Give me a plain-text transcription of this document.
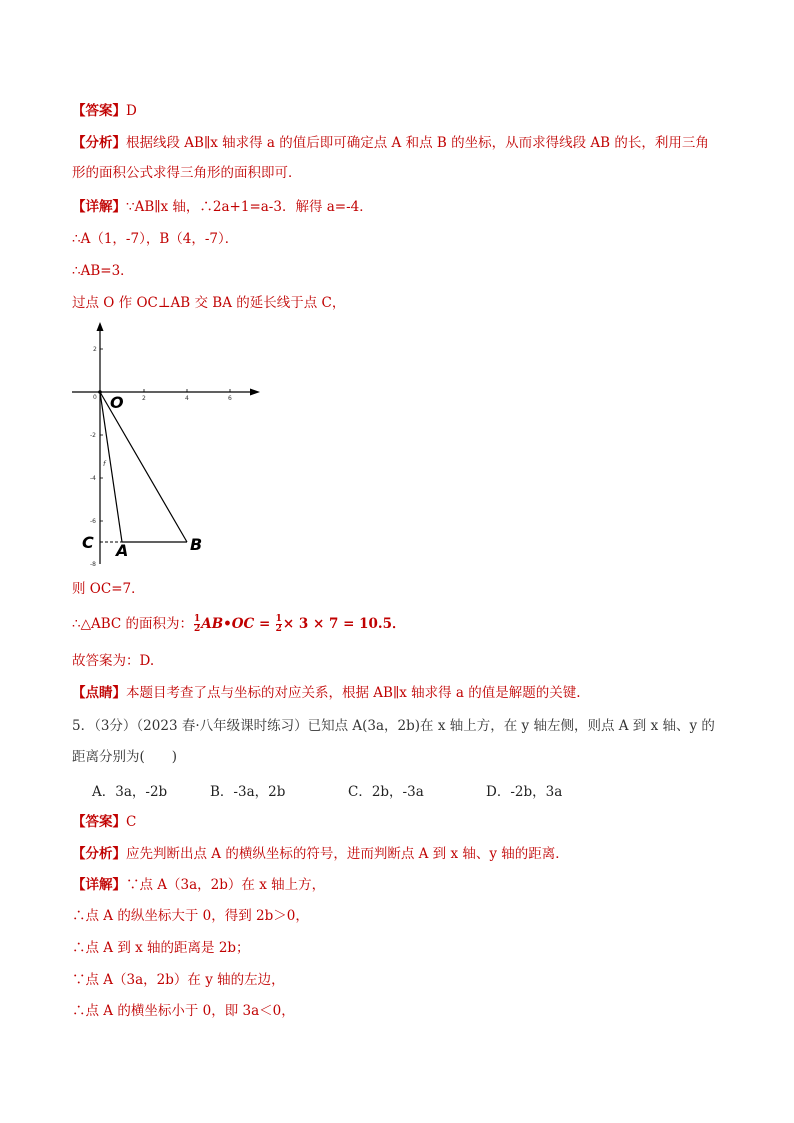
【答案】D
【分析】根据线段 AB∥x 轴求得 a 的值后即可确定点 A 和点 B 的坐标，从而求得线段 AB 的长，利用三角
形的面积公式求得三角形的面积即可．
【详解】∵AB∥x 轴，∴2a+1=a-3．解得 a=-4．
∴A（1，-7），B（4，-7）．
∴AB=3．
过点 O 作 OC⊥AB 交 BA 的延长线于点 C，
2
0	2	4	6
-2
-4
-6
-8
f
O
C A	B
则 OC=7．
∴△ABC 的面积为： $\frac{1}{2}$ AB•OC = $\frac{1}{2} \times 3 \times 7 = 10.5$．
故答案为：D.
【点睛】本题目考查了点与坐标的对应关系，根据 AB∥x 轴求得 a 的值是解题的关键.
5．（3分）（2023 春·八年级课时练习）已知点 A(3a，2b)在 x 轴上方，在 y 轴左侧，则点 A 到 x 轴、y 的
距离分别为(　　)
A．3a，-2b	B．-3a，2b	C．2b，-3a	D．-2b，3a
【答案】C
【分析】应先判断出点 A 的横纵坐标的符号，进而判断点 A 到 x 轴、y 轴的距离．
【详解】∵点 A（3a，2b）在 x 轴上方，
∴点 A 的纵坐标大于 0，得到 2b＞0，
∴点 A 到 x 轴的距离是 2b；
∵点 A（3a，2b）在 y 轴的左边，
∴点 A 的横坐标小于 0，即 3a＜0，
